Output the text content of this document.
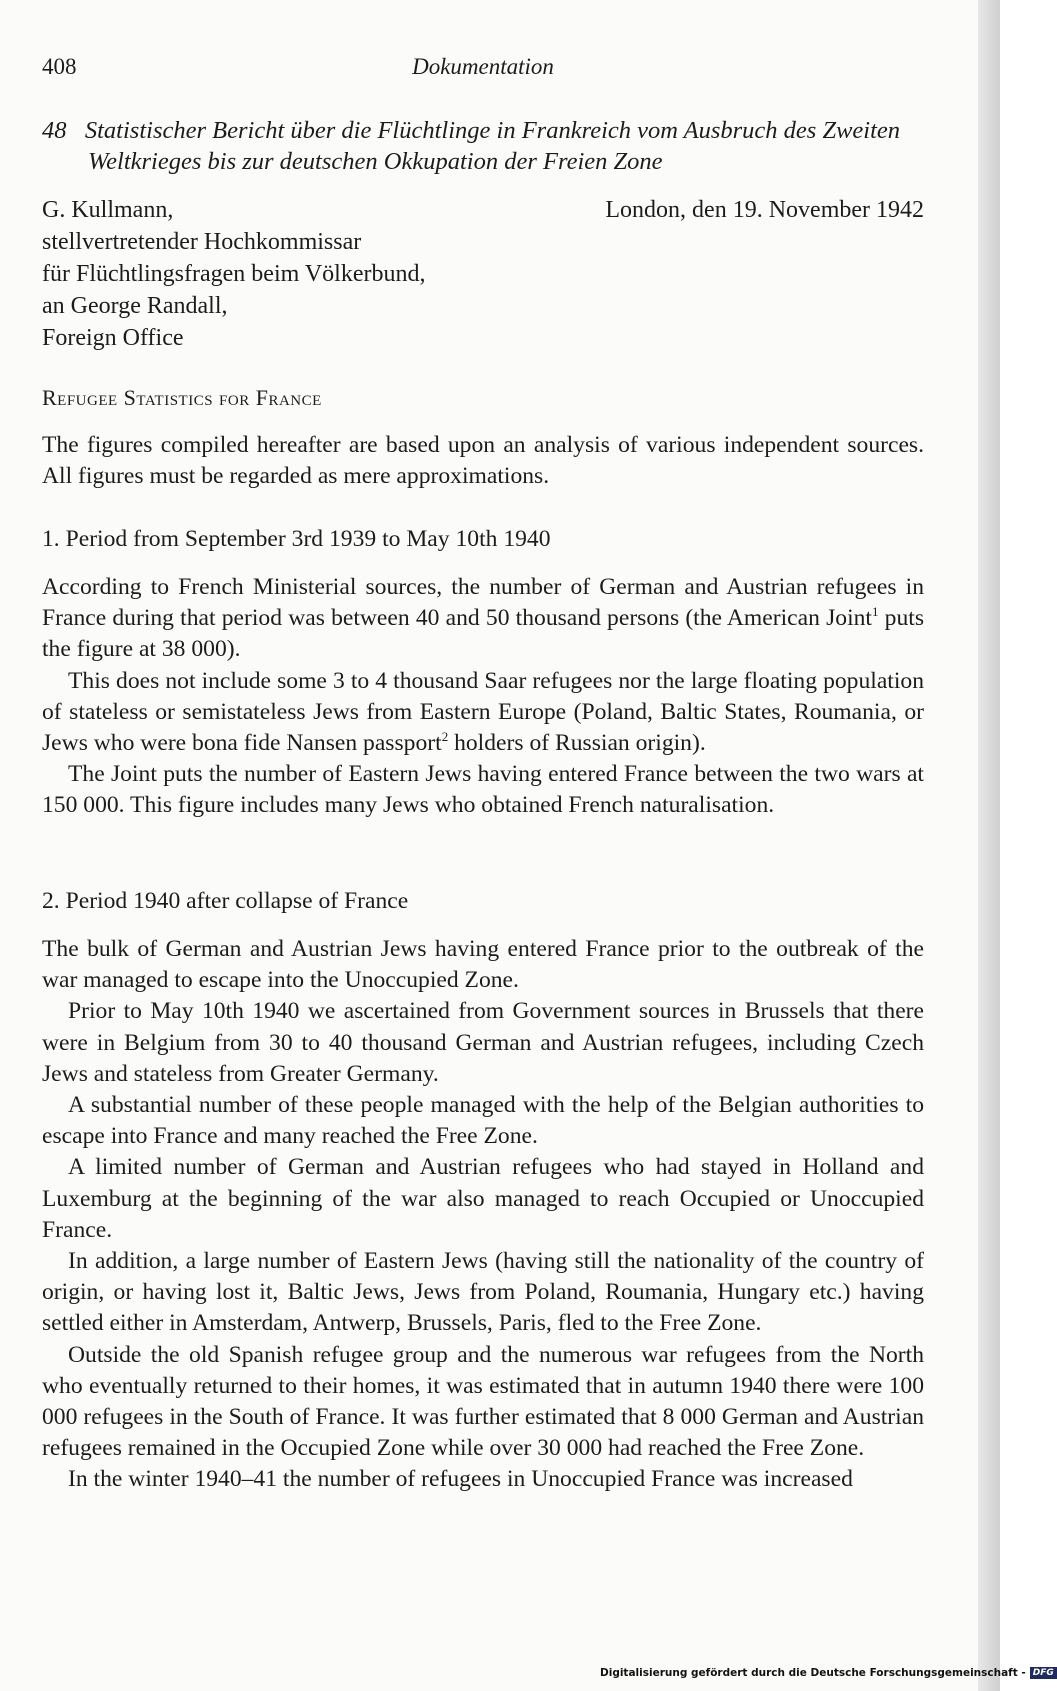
408	Dokumentation
48 Statistischer Bericht über die Flüchtlinge in Frankreich vom Ausbruch des Zweiten Weltkrieges bis zur deutschen Okkupation der Freien Zone
G. Kullmann,
stellvertretender Hochkommissar
für Flüchtlingsfragen beim Völkerbund,
an George Randall,
Foreign Office
London, den 19. November 1942
Refugee Statistics for France

The figures compiled hereafter are based upon an analysis of various independent sources. All figures must be regarded as mere approximations.

1. Period from September 3rd 1939 to May 10th 1940

According to French Ministerial sources, the number of German and Austrian refugees in France during that period was between 40 and 50 thousand persons (the American Joint$^1$ puts the figure at 38 000).

This does not include some 3 to 4 thousand Saar refugees nor the large floating population of stateless or semistateless Jews from Eastern Europe (Poland, Baltic States, Roumania, or Jews who were bona fide Nansen passport$^2$ holders of Russian origin).

The Joint puts the number of Eastern Jews having entered France between the two wars at 150 000. This figure includes many Jews who obtained French naturalisation.

2. Period 1940 after collapse of France

The bulk of German and Austrian Jews having entered France prior to the outbreak of the war managed to escape into the Unoccupied Zone.

Prior to May 10th 1940 we ascertained from Government sources in Brussels that there were in Belgium from 30 to 40 thousand German and Austrian refugees, including Czech Jews and stateless from Greater Germany.

A substantial number of these people managed with the help of the Belgian authorities to escape into France and many reached the Free Zone.

A limited number of German and Austrian refugees who had stayed in Holland and Luxemburg at the beginning of the war also managed to reach Occupied or Unoccupied France.

In addition, a large number of Eastern Jews (having still the nationality of the country of origin, or having lost it, Baltic Jews, Jews from Poland, Roumania, Hungary etc.) having settled either in Amsterdam, Antwerp, Brussels, Paris, fled to the Free Zone.

Outside the old Spanish refugee group and the numerous war refugees from the North who eventually returned to their homes, it was estimated that in autumn 1940 there were 100 000 refugees in the South of France. It was further estimated that 8 000 German and Austrian refugees remained in the Occupied Zone while over 30 000 had reached the Free Zone.

In the winter 1940–41 the number of refugees in Unoccupied France was increased

Digitalisierung gefördert durch die Deutsche Forschungsgemeinschaft - DFG
